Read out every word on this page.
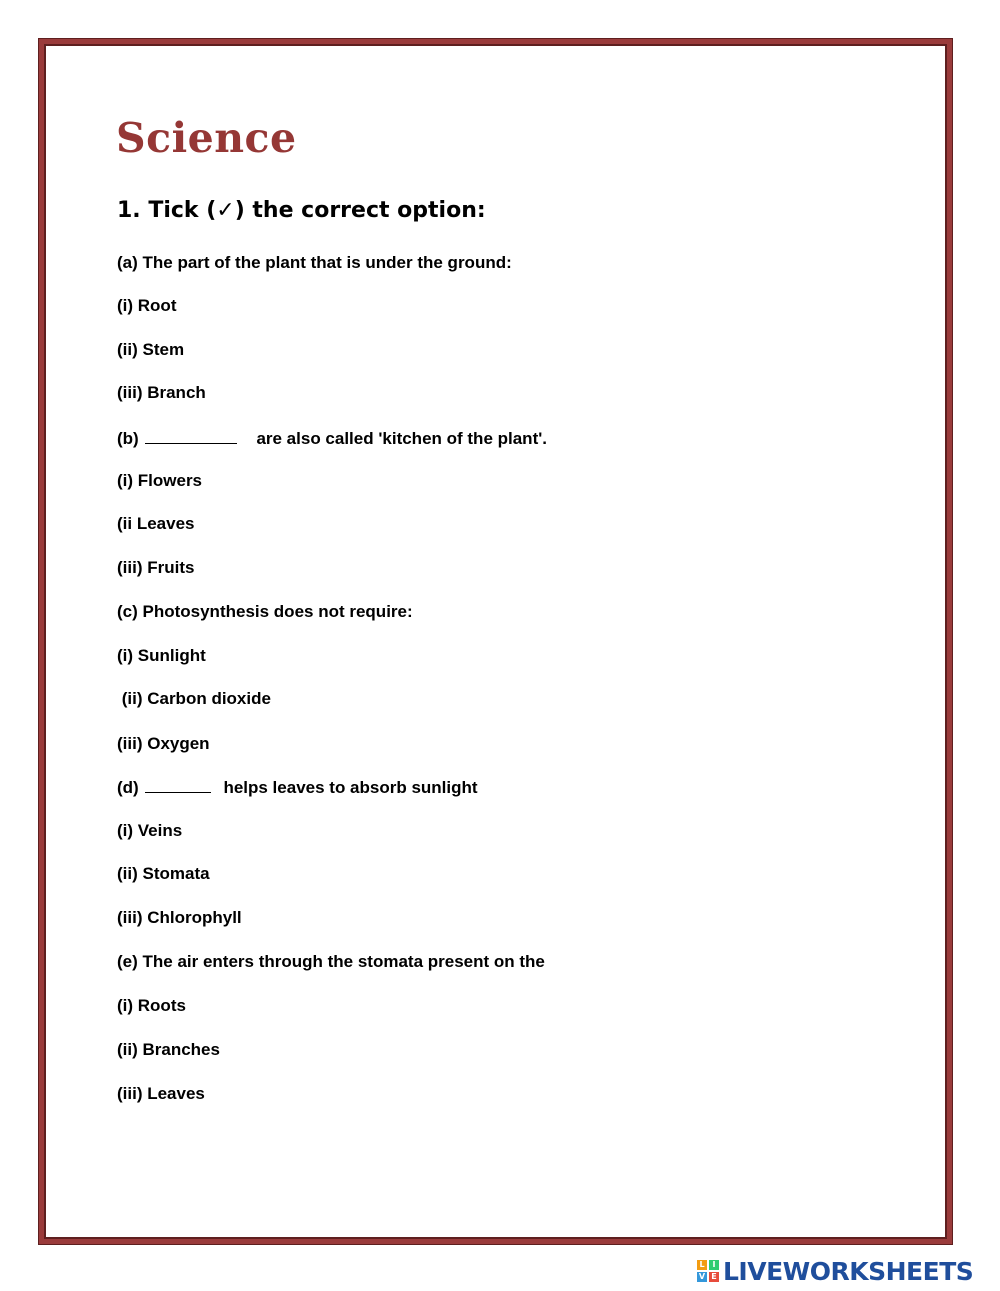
Science
1. Tick (✓) the correct option:
(a) The part of the plant that is under the ground:
(i) Root
(ii) Stem
(iii) Branch
(b)	are also called 'kitchen of the plant'.
(i) Flowers
(ii Leaves
(iii) Fruits
(c) Photosynthesis does not require:
(i) Sunlight
(ii) Carbon dioxide
(iii) Oxygen
(d)	helps leaves to absorb sunlight
(i) Veins
(ii) Stomata
(iii) Chlorophyll
(e) The air enters through the stomata present on the
(i) Roots
(ii) Branches
(iii) Leaves
L I
V E LIVEWORKSHEETS
